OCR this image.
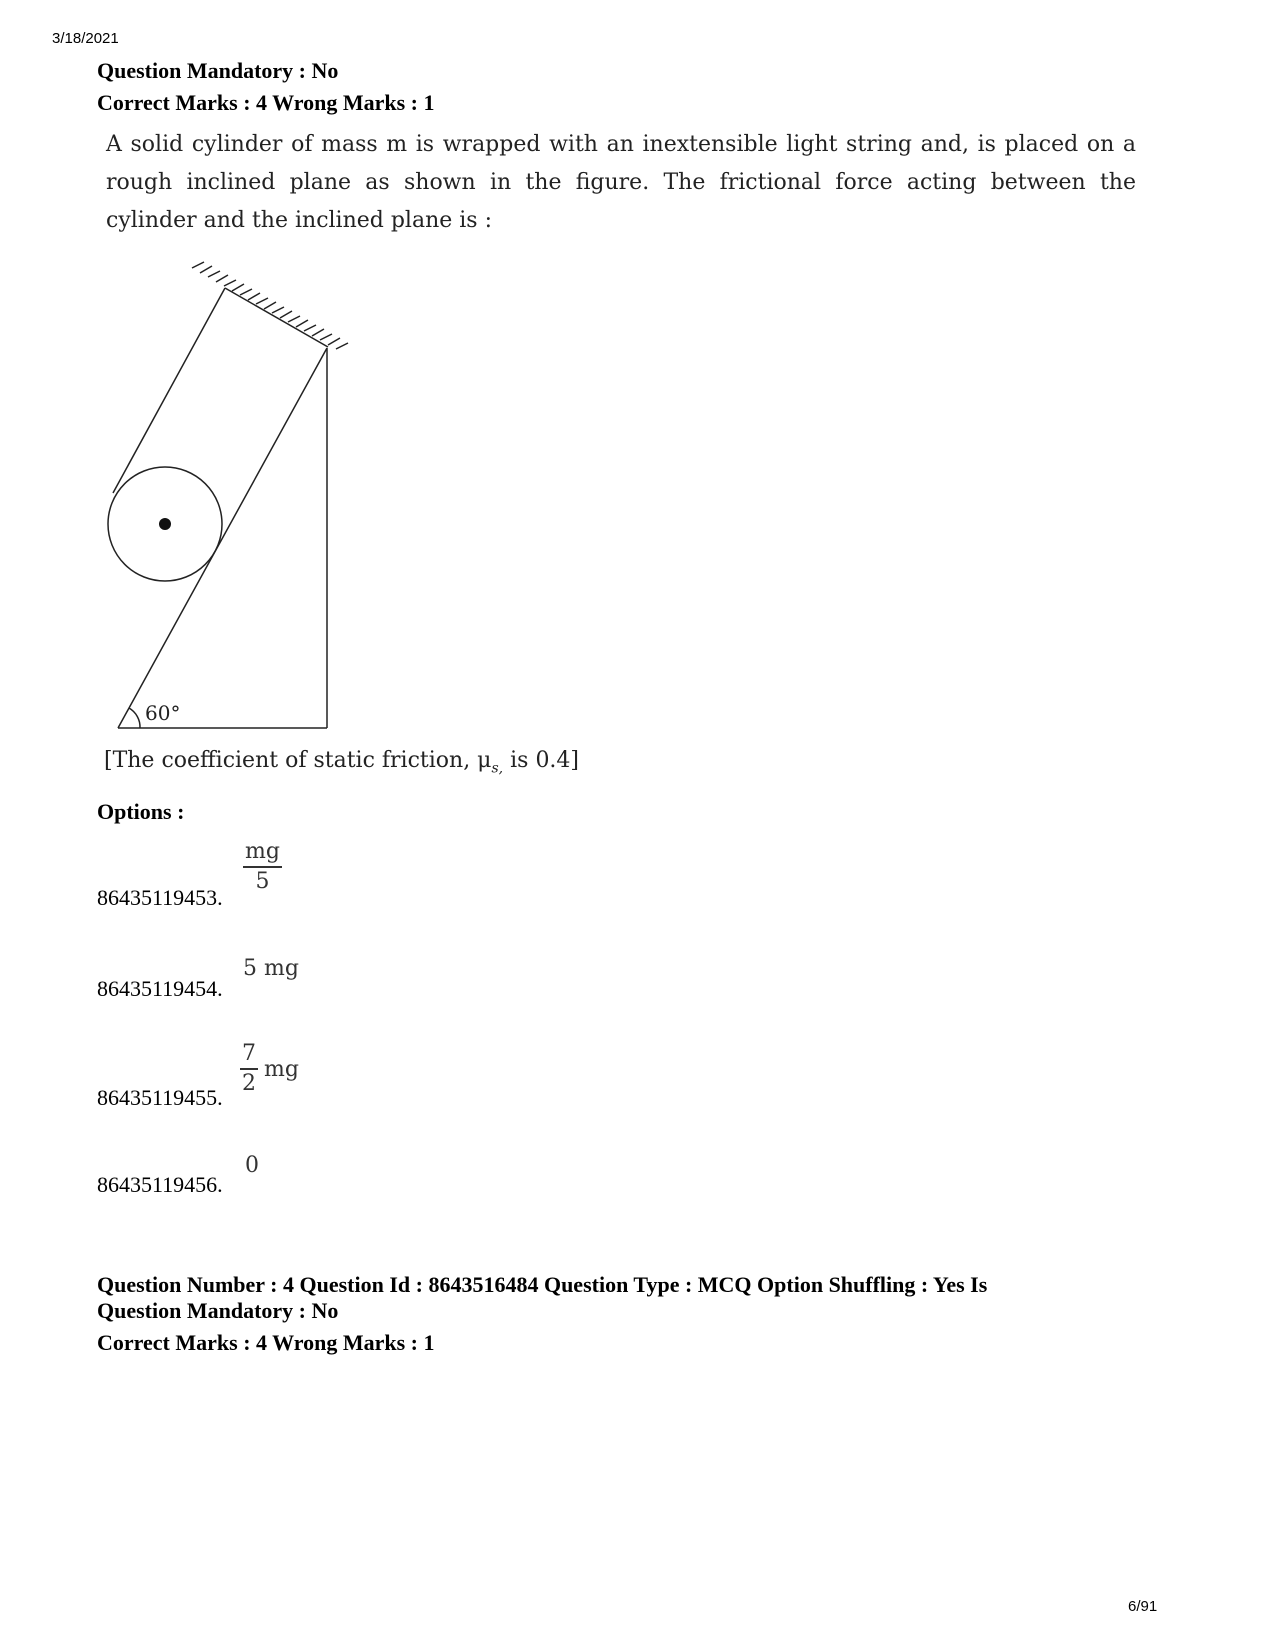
3/18/2021
Question Mandatory : No
Correct Marks : 4 Wrong Marks : 1
A solid cylinder of mass m is wrapped with an inextensible light string and, is placed on a rough inclined plane as shown in the figure. The frictional force acting between the cylinder and the inclined plane is :
60°
[The coefficient of static friction, $\mu_{s,}$ is 0.4]
Options :
86435119453.
$\frac{mg}{5}$
86435119454.
5 mg
86435119455. $\frac{7}{2}$ mg
86435119456.
0
Question Number : 4 Question Id : 8643516484 Question Type : MCQ Option Shuffling : Yes Is
Question Mandatory : No
Correct Marks : 4 Wrong Marks : 1
6/91
